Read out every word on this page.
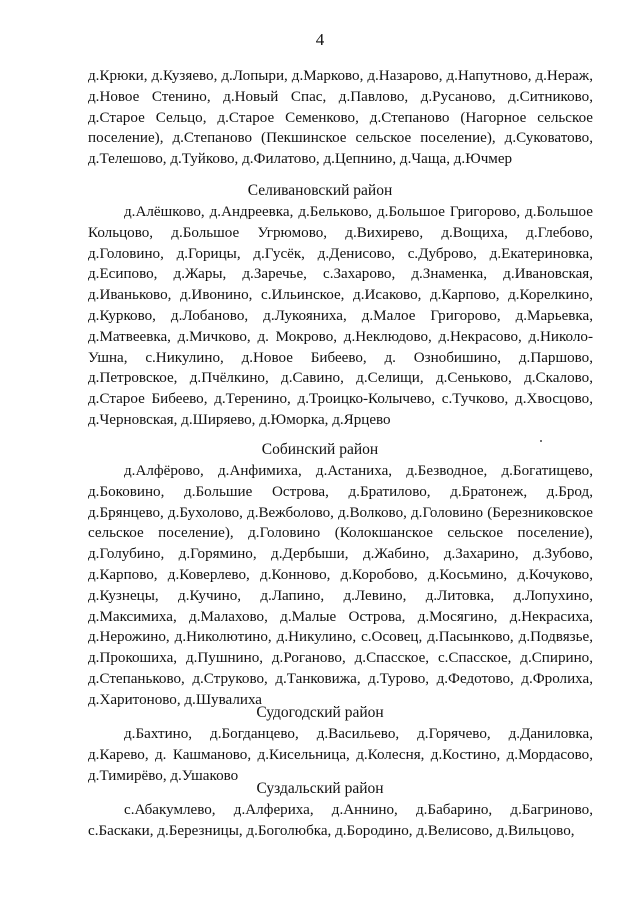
4
д.Крюки, д.Кузяево, д.Лопыри, д.Марково, д.Назарово, д.Напутново, д.Нераж, д.Новое Стенино, д.Новый Спас, д.Павлово, д.Русаново, д.Ситниково, д.Старое Сельцо, д.Старое Семенково, д.Степаново (Нагорное сельское поселение), д.Степаново (Пекшинское сельское поселение), д.Суковатово, д.Телешово, д.Туйково, д.Филатово, д.Цепнино, д.Чаща, д.Ючмер
Селивановский район
д.Алёшково, д.Андреевка, д.Бельково, д.Большое Григорово, д.Большое Кольцово, д.Большое Угрюмово, д.Вихирево, д.Вощиха, д.Глебово, д.Головино, д.Горицы, д.Гусёк, д.Денисово, с.Дуброво, д.Екатериновка, д.Есипово, д.Жары, д.Заречье, с.Захарово, д.Знаменка, д.Ивановская, д.Иваньково, д.Ивонино, с.Ильинское, д.Исаково, д.Карпово, д.Корелкино, д.Курково, д.Лобаново, д.Лукояниха, д.Малое Григорово, д.Марьевка, д.Матвеевка, д.Мичково, д. Мокрово, д.Неклюдово, д.Некрасово, д.Николо-Ушна, с.Никулино, д.Новое Бибеево, д. Ознобишино, д.Паршово, д.Петровское, д.Пчёлкино, д.Савино, д.Селищи, д.Сеньково, д.Скалово, д.Старое Бибеево, д.Теренино, д.Троицко-Колычево, с.Тучково, д.Хвосцово, д.Черновская, д.Ширяево, д.Юморка, д.Ярцево
Собинский район
д.Алфёрово, д.Анфимиха, д.Астаниха, д.Безводное, д.Богатищево, д.Боковино, д.Большие Острова, д.Братилово, д.Братонеж, д.Брод, д.Брянцево, д.Бухолово, д.Вежболово, д.Волково, д.Головино (Березниковское сельское поселение), д.Головино (Колокшанское сельское поселение), д.Голубино, д.Горямино, д.Дербыши, д.Жабино, д.Захарино, д.Зубово, д.Карпово, д.Коверлево, д.Конново, д.Коробово, д.Косьмино, д.Кочуково, д.Кузнецы, д.Кучино, д.Лапино, д.Левино, д.Литовка, д.Лопухино, д.Максимиха, д.Малахово, д.Малые Острова, д.Мосягино, д.Некрасиха, д.Нерожино, д.Николютино, д.Никулино, с.Осовец, д.Пасынково, д.Подвязье, д.Прокошиха, д.Пушнино, д.Роганово, д.Спасское, с.Спасское, д.Спирино, д.Степаньково, д.Струково, д.Танковижа, д.Турово, д.Федотово, д.Фролиха, д.Харитоново, д.Шувалиха
Судогодский район
д.Бахтино, д.Богданцево, д.Васильево, д.Горячево, д.Даниловка, д.Карево, д. Кашманово, д.Кисельница, д.Колесня, д.Костино, д.Мордасово, д.Тимирёво, д.Ушаково
Суздальский район
с.Абакумлево, д.Алфериха, д.Аннино, д.Бабарино, д.Багриново, с.Баскаки, д.Березницы, д.Боголюбка, д.Бородино, д.Велисово, д.Вильцово,
